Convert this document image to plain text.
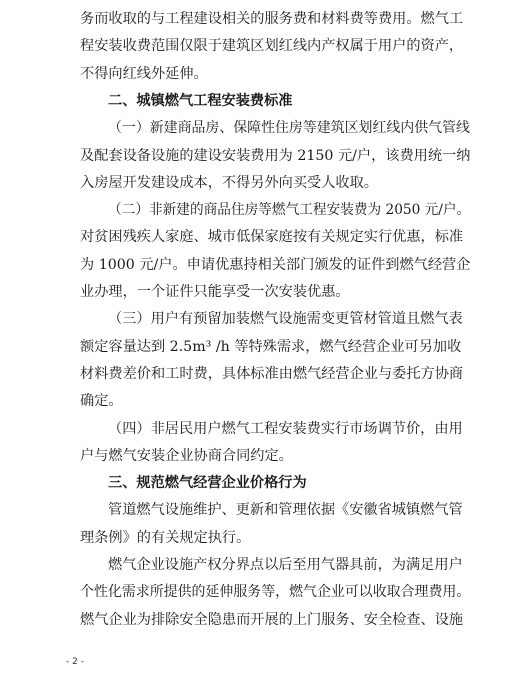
务而收取的与工程建设相关的服务费和材料费等费用。燃气工
程安装收费范围仅限于建筑区划红线内产权属于用户的资产，
不得向红线外延伸。
二、城镇燃气工程安装费标准
（一）新建商品房、保障性住房等建筑区划红线内供气管线
及配套设备设施的建设安装费用为 2150 元/户，该费用统一纳
入房屋开发建设成本，不得另外向买受人收取。
（二）非新建的商品住房等燃气工程安装费为 2050 元/户。
对贫困残疾人家庭、城市低保家庭按有关规定实行优惠，标准
为 1000 元/户。申请优惠持相关部门颁发的证件到燃气经营企
业办理，一个证件只能享受一次安装优惠。
（三）用户有预留加装燃气设施需变更管材管道且燃气表
额定容量达到 2.5m³ /h 等特殊需求，燃气经营企业可另加收
材料费差价和工时费，具体标准由燃气经营企业与委托方协商
确定。
（四）非居民用户燃气工程安装费实行市场调节价，由用
户与燃气安装企业协商合同约定。
三、规范燃气经营企业价格行为
管道燃气设施维护、更新和管理依据《安徽省城镇燃气管
理条例》的有关规定执行。
燃气企业设施产权分界点以后至用气器具前，为满足用户
个性化需求所提供的延伸服务等，燃气企业可以收取合理费用。
燃气企业为排除安全隐患而开展的上门服务、安全检查、设施
- 2 -
